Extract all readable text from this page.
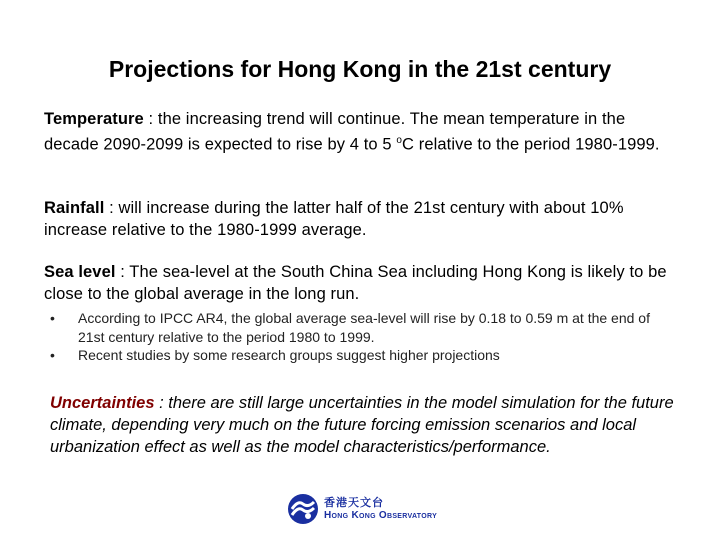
Projections for Hong Kong in the 21st century
Temperature : the increasing trend will continue. The mean temperature in the decade 2090-2099 is expected to rise by 4 to 5 $^o$C relative to the period 1980-1999.
Rainfall : will increase during the latter half of the 21st century with about 10% increase relative to the 1980-1999 average.
Sea level : The sea-level at the South China Sea including Hong Kong is likely to be close to the global average in the long run.
• According to IPCC AR4, the global average sea-level will rise by 0.18 to 0.59 m at the end of 21st century relative to the period 1980 to 1999.
• Recent studies by some research groups suggest higher projections
Uncertainties : there are still large uncertainties in the model simulation for the future climate, depending very much on the future forcing emission scenarios and local urbanization effect as well as the model characteristics/performance.
香港天文台
Hong Kong Observatory
